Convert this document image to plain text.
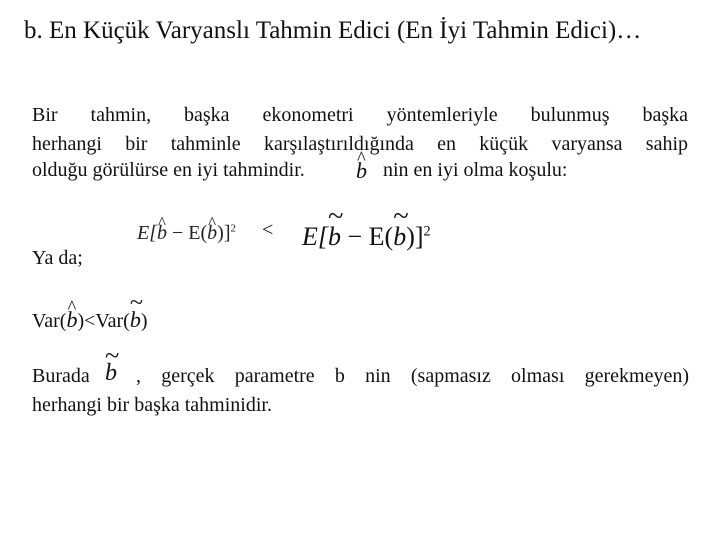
b. En Küçük Varyanslı Tahmin Edici (En İyi Tahmin Edici)…
Bir tahmin, başka ekonometri yöntemleriyle bulunmuş başka
herhangi bir tahminle karşılaştırıldığında en küçük varyansa sahip
olduğu görülürse en iyi tahmindir. ^ b nin en iyi olma koşulu:
E[^ b − E(^ b)]$^2$ < E[~ b − E(~ b)]$^2$
Ya da;
Var(^ b)<Var(~ b)
Burada ~ b , gerçek parametre b nin (sapmasız olması gerekmeyen)
herhangi bir başka tahminidir.
